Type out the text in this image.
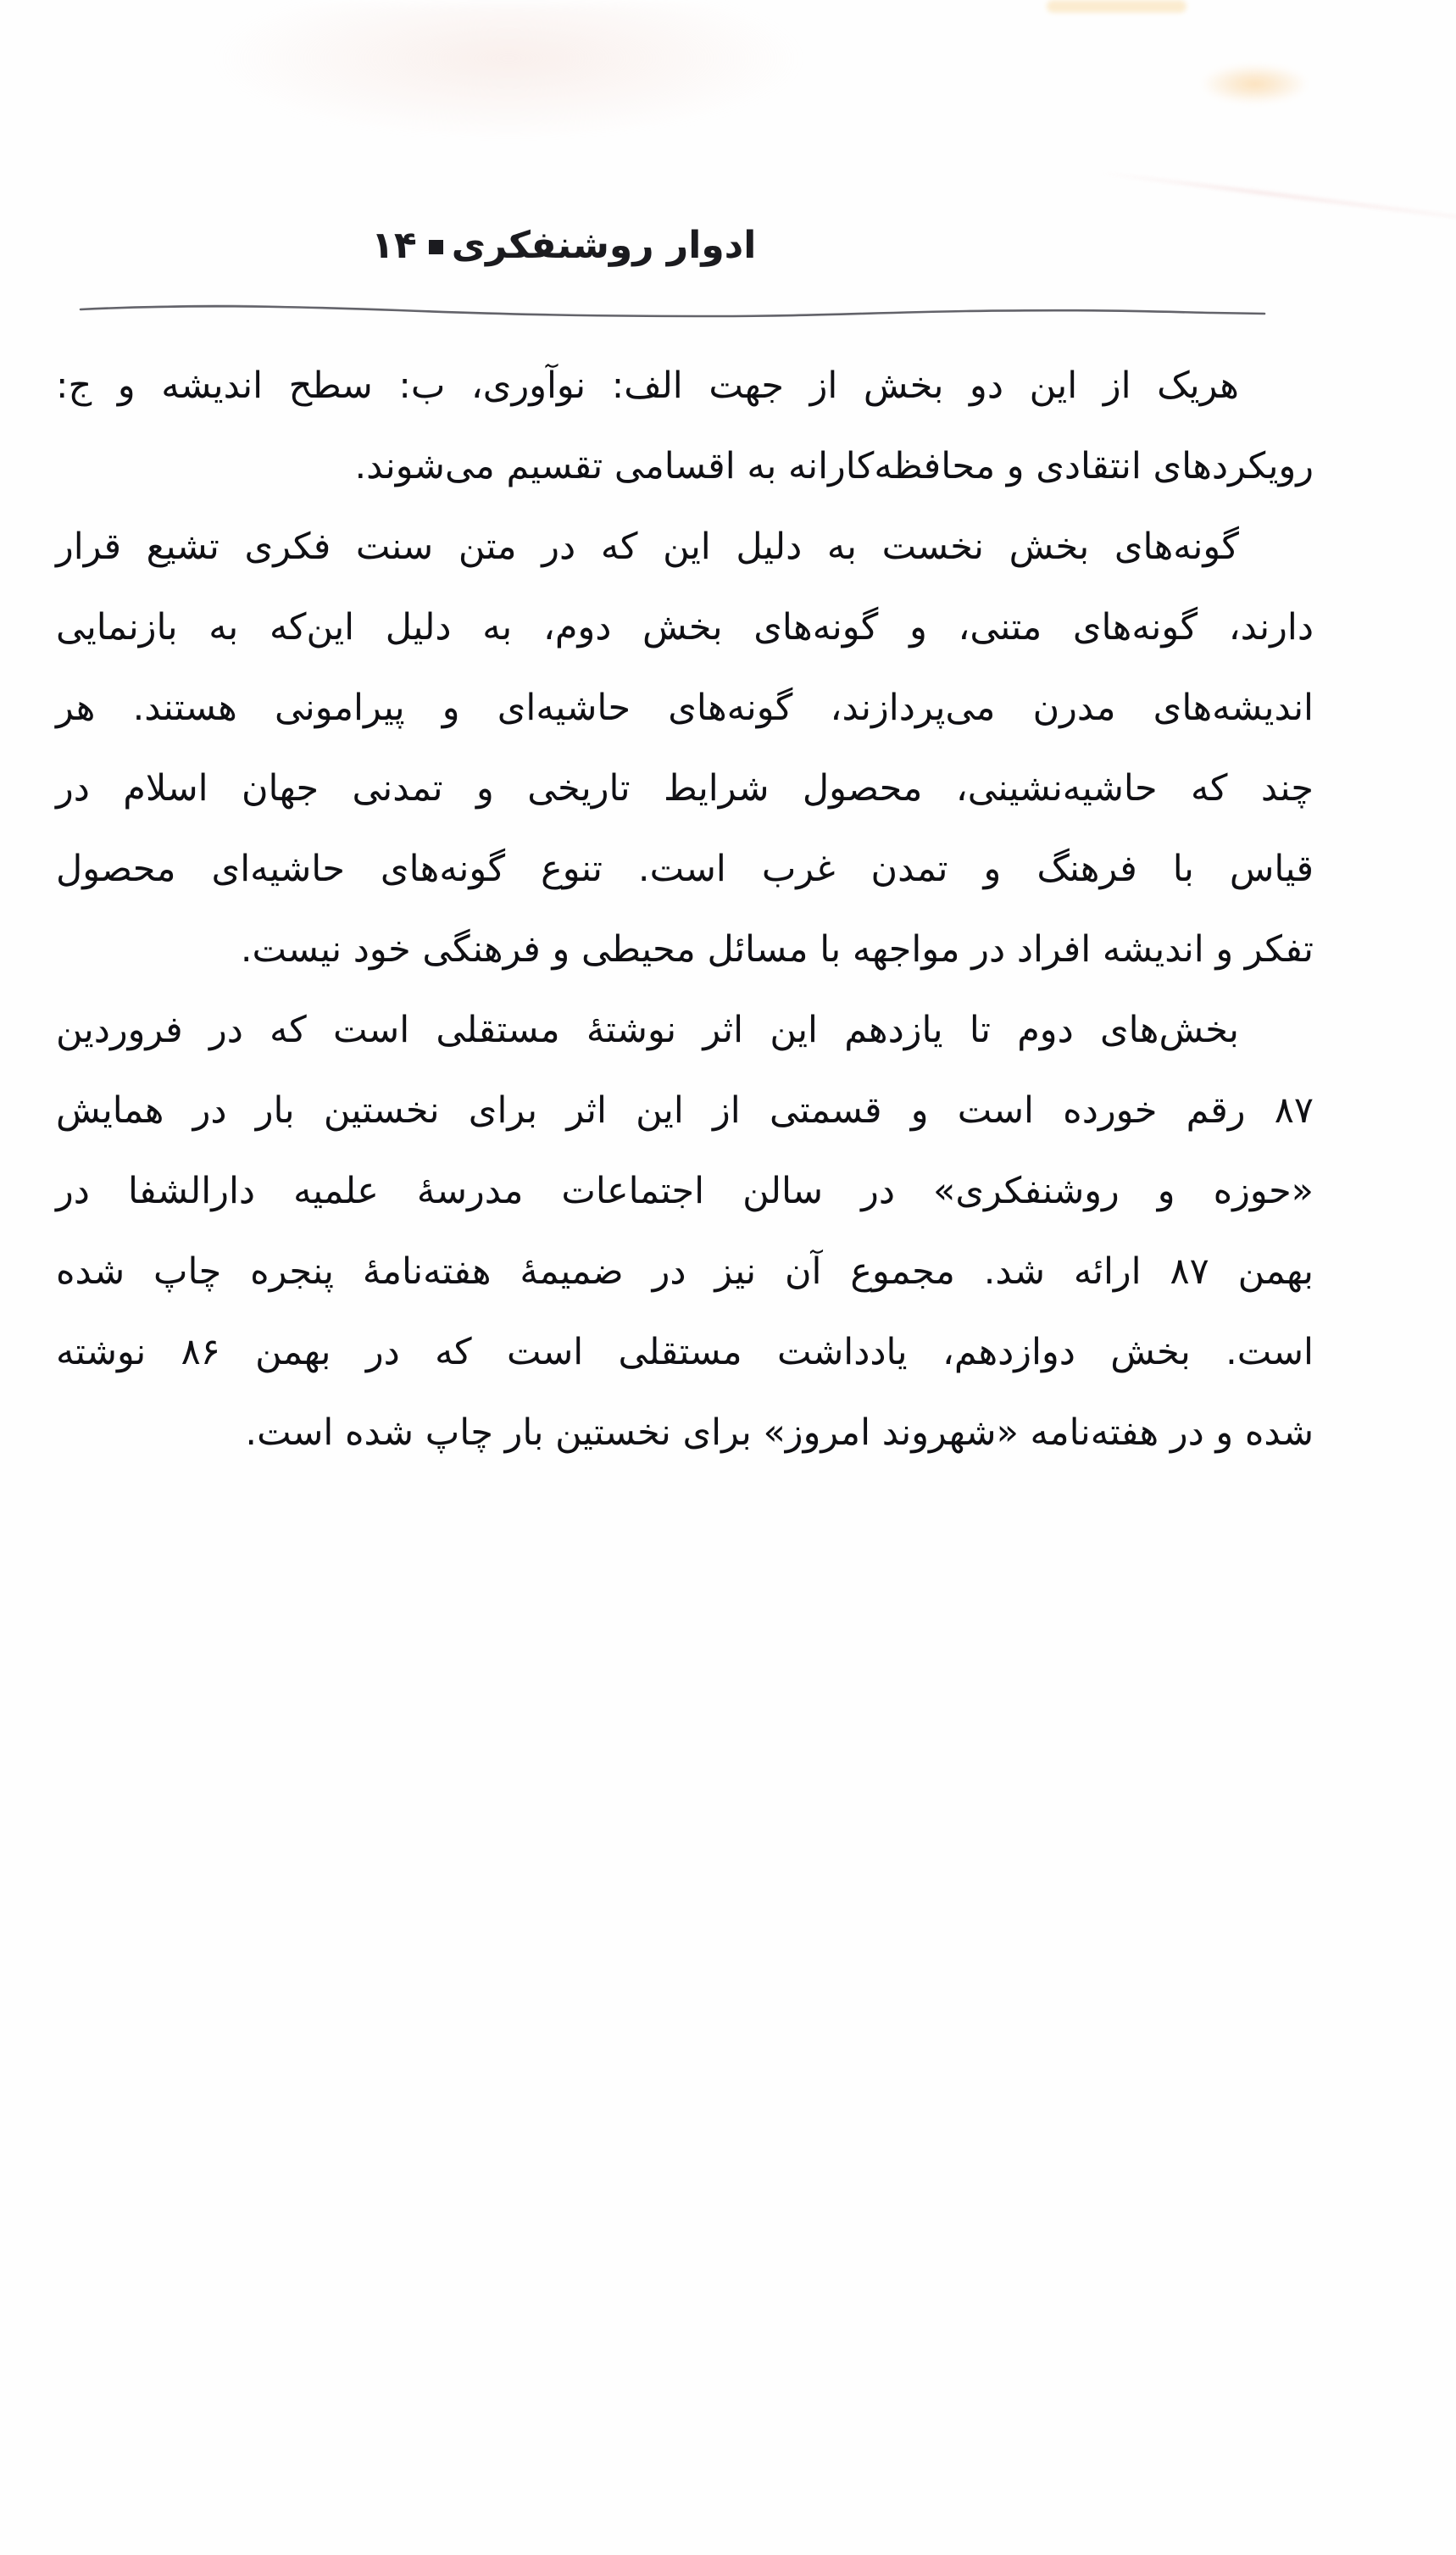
۱۴ ادوار روشنفکری
هریک از این دو بخش از جهت الف: نوآوری، ب: سطح اندیشه و ج:
رویکردهای انتقادی و محافظه‌کارانه به اقسامی تقسیم می‌شوند.
گونه‌های بخش نخست به دلیل این که در متن سنت فکری تشیع قرار
دارند، گونه‌های متنی، و گونه‌های بخش دوم، به دلیل این‌که به بازنمایی
اندیشه‌های مدرن می‌پردازند، گونه‌های حاشیه‌ای و پیرامونی هستند. هر
چند که حاشیه‌نشینی، محصول شرایط تاریخی و تمدنی جهان اسلام در
قیاس با فرهنگ و تمدن غرب است. تنوع گونه‌های حاشیه‌ای محصول
تفکر و اندیشه افراد در مواجهه با مسائل محیطی و فرهنگی خود نیست.
بخش‌های دوم تا یازدهم این اثر نوشتهٔ مستقلی است که در فروردین
۸۷ رقم خورده است و قسمتی از این اثر برای نخستین بار در همایش
«حوزه و روشنفکری» در سالن اجتماعات مدرسهٔ علمیه دارالشفا در
بهمن ۸۷ ارائه شد. مجموع آن نیز در ضمیمهٔ هفته‌نامهٔ پنجره چاپ شده
است. بخش دوازدهم، یادداشت مستقلی است که در بهمن ۸۶ نوشته
شده و در هفته‌نامه «شهروند امروز» برای نخستین بار چاپ شده است.
